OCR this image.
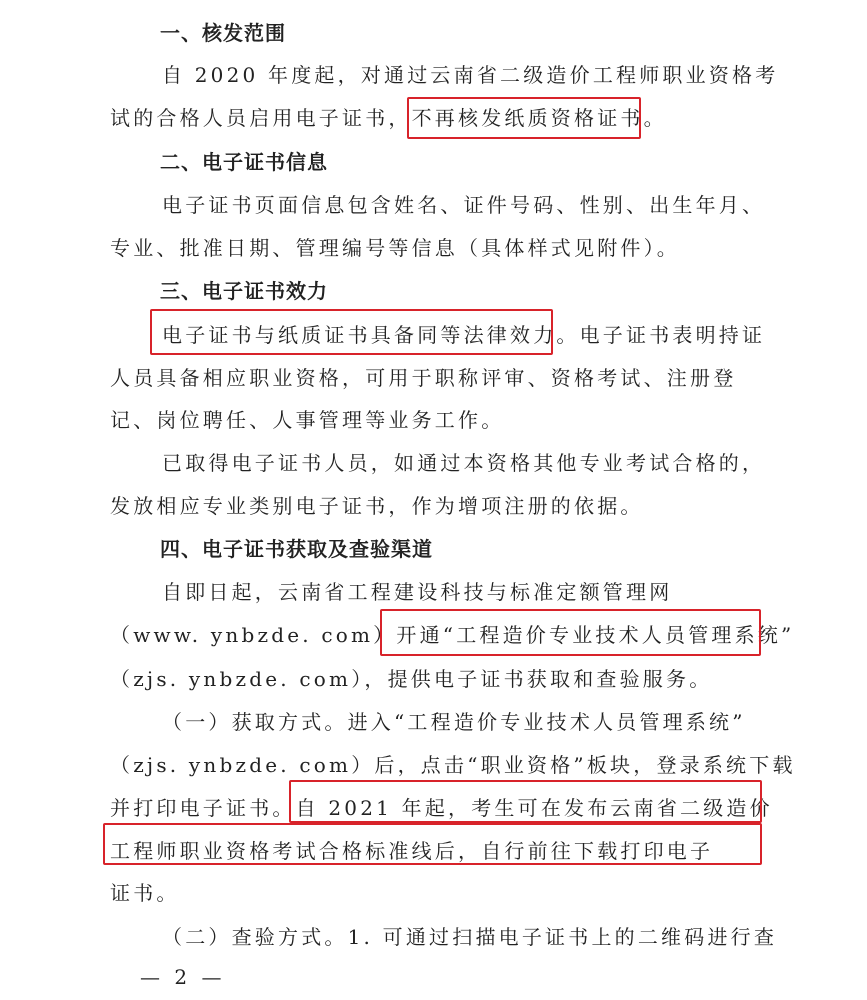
一、核发范围
自 2020 年度起，对通过云南省二级造价工程师职业资格考
试的合格人员启用电子证书，不再核发纸质资格证书。
二、电子证书信息
电子证书页面信息包含姓名、证件号码、性别、出生年月、
专业、批准日期、管理编号等信息（具体样式见附件）。
三、电子证书效力
电子证书与纸质证书具备同等法律效力。电子证书表明持证
人员具备相应职业资格，可用于职称评审、资格考试、注册登
记、岗位聘任、人事管理等业务工作。
已取得电子证书人员，如通过本资格其他专业考试合格的，
发放相应专业类别电子证书，作为增项注册的依据。
四、电子证书获取及查验渠道
自即日起，云南省工程建设科技与标准定额管理网
（www. ynbzde. com）开通“工程造价专业技术人员管理系统”
（zjs. ynbzde. com），提供电子证书获取和查验服务。
（一）获取方式。进入“工程造价专业技术人员管理系统”
（zjs. ynbzde. com）后，点击“职业资格”板块，登录系统下载
并打印电子证书。自 2021 年起，考生可在发布云南省二级造价
工程师职业资格考试合格标准线后，自行前往下载打印电子
证书。
（二）查验方式。1. 可通过扫描电子证书上的二维码进行查
— 2 —
